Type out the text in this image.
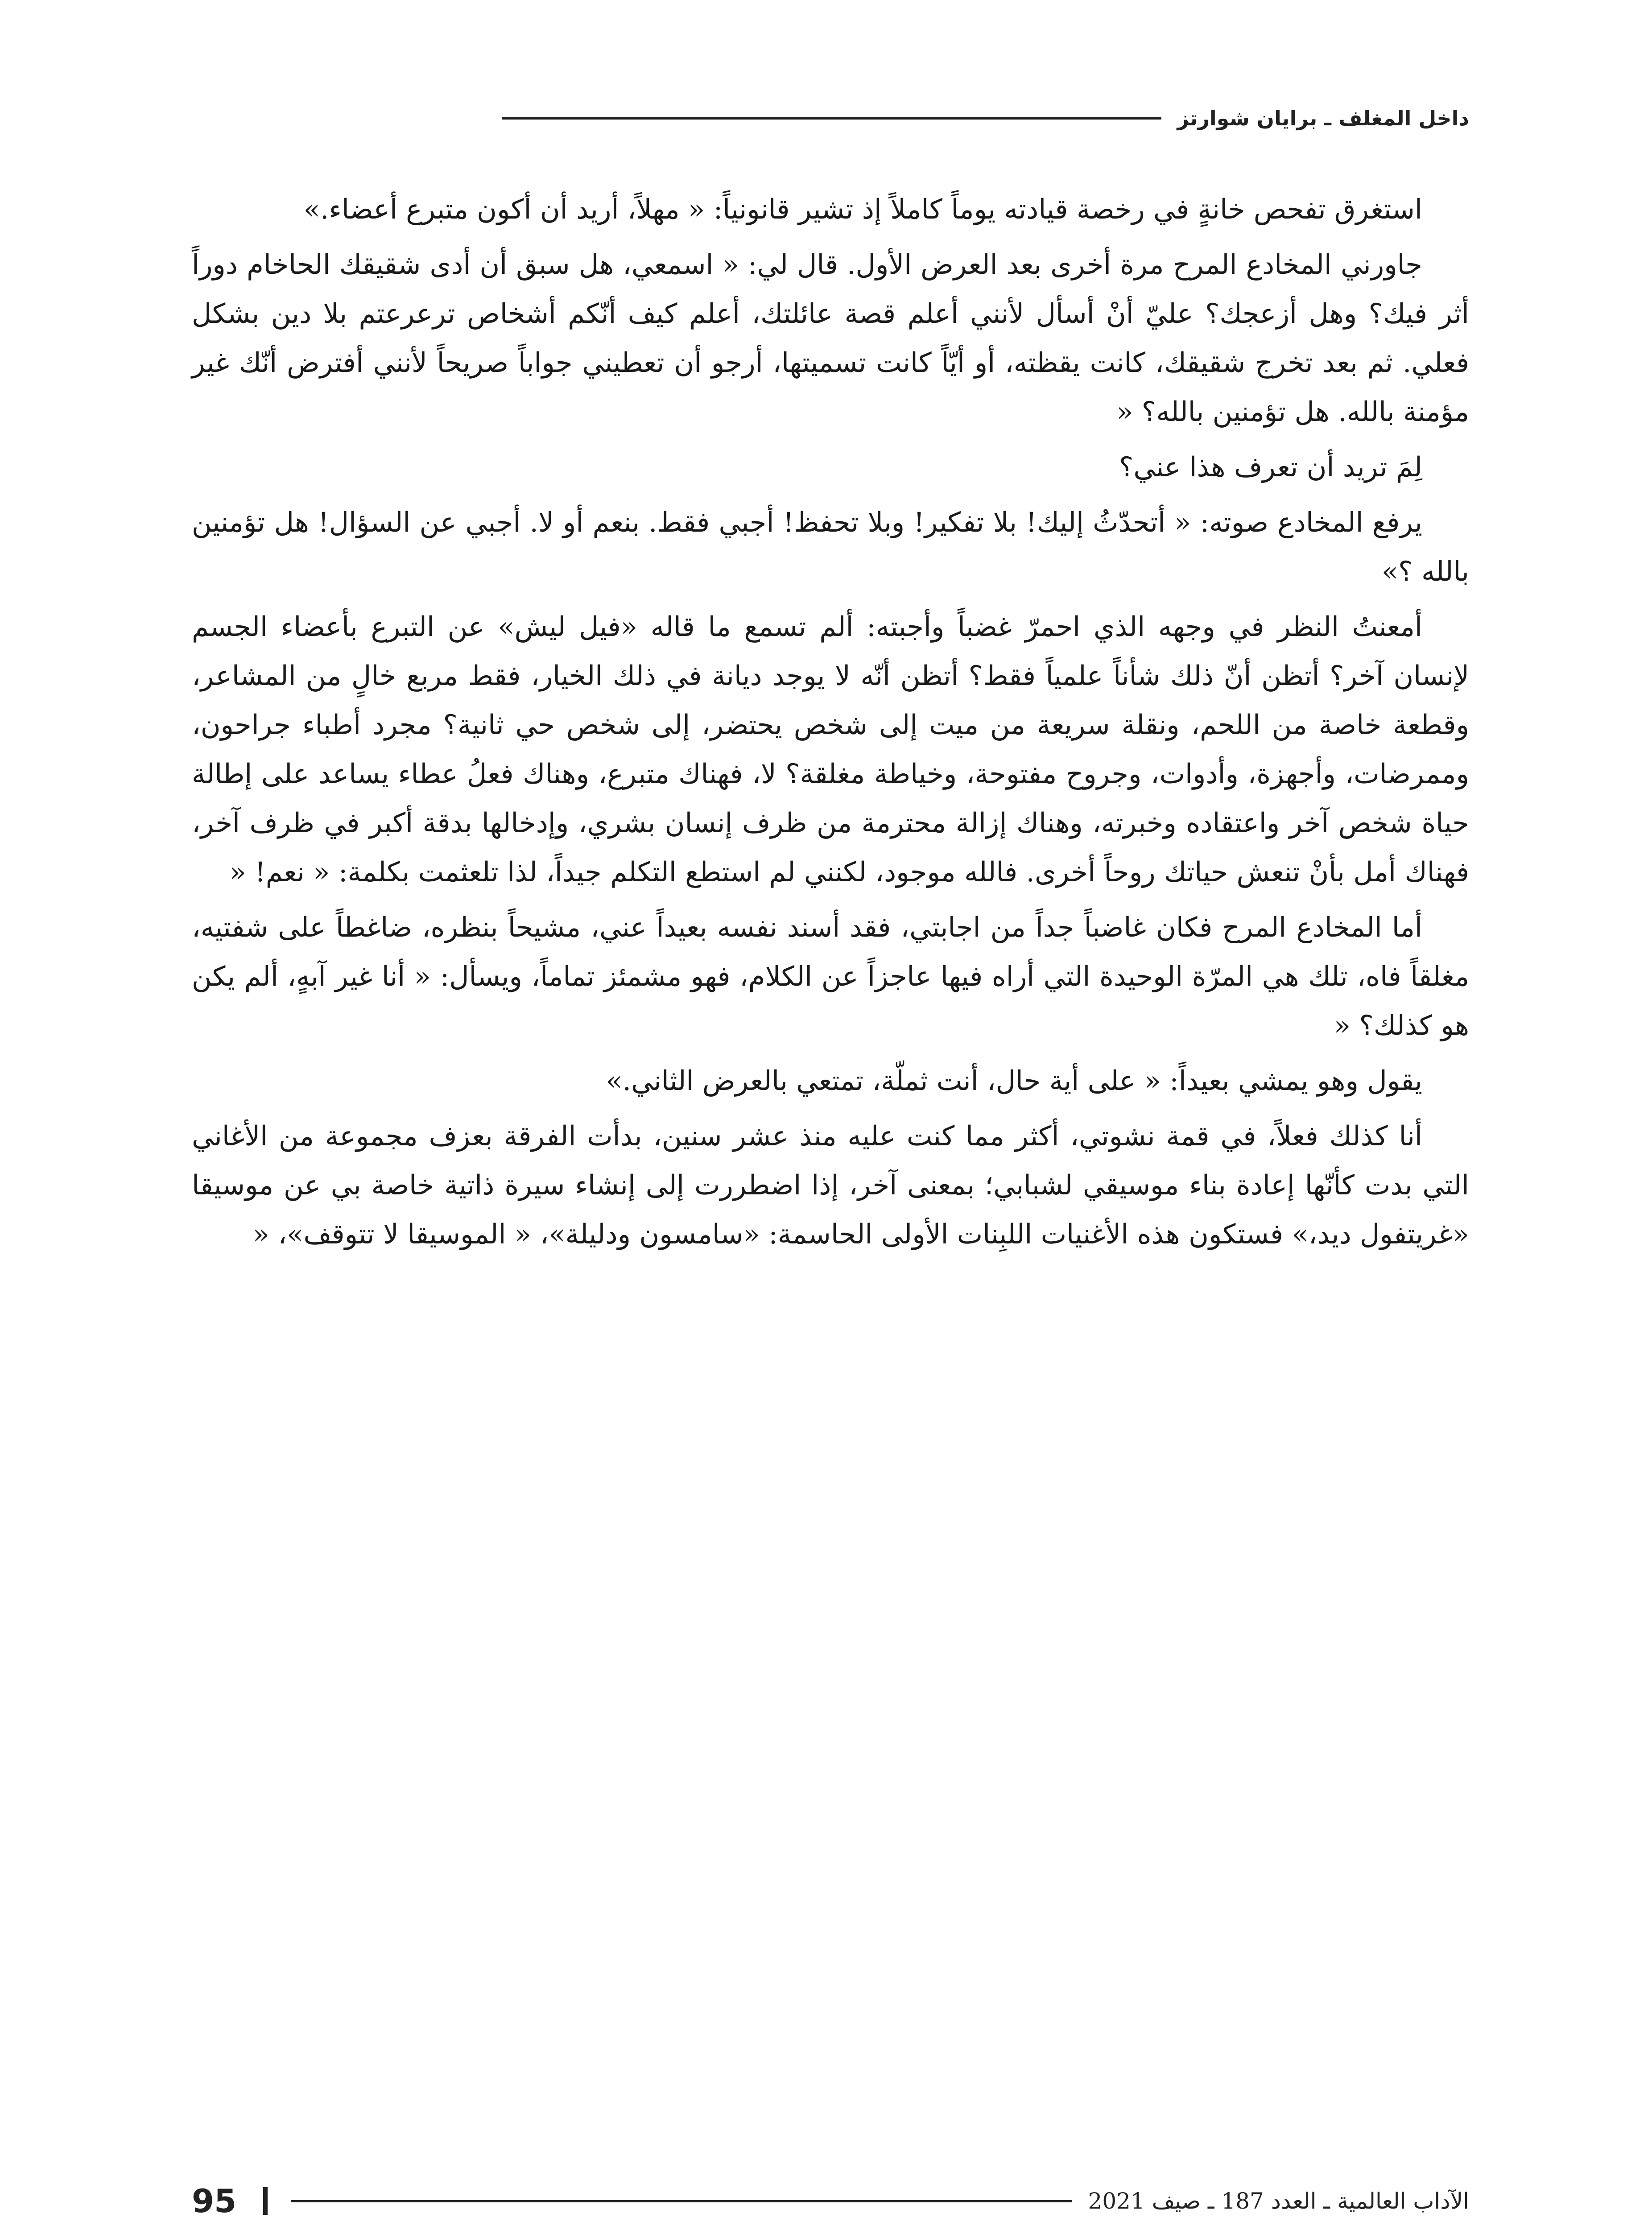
داخل المغلف ـ برايان شوارتز

استغرق تفحص خانةٍ في رخصة قيادته يوماً كاملاً إذ تشير قانونياً: « مهلاً، أريد أن أكون متبرع أعضاء.»

جاورني المخادع المرح مرة أخرى بعد العرض الأول. قال لي: « اسمعي، هل سبق أن أدى شقيقك الحاخام دوراً أثر فيك؟ وهل أزعجك؟ عليّ أنْ أسأل لأنني أعلم قصة عائلتك، أعلم كيف أنّكم أشخاص ترعرعتم بلا دين بشكل فعلي. ثم بعد تخرج شقيقك، كانت يقظته، أو أيّاً كانت تسميتها، أرجو أن تعطيني جواباً صريحاً لأنني أفترض أنّك غير مؤمنة بالله. هل تؤمنين بالله؟ «

لِمَ تريد أن تعرف هذا عني؟

يرفع المخادع صوته: « أتحدّثُ إليك! بلا تفكير! وبلا تحفظ! أجبي فقط. بنعم أو لا. أجبي عن السؤال! هل تؤمنين بالله ؟»

أمعنتُ النظر في وجهه الذي احمرّ غضباً وأجبته: ألم تسمع ما قاله «فيل ليش» عن التبرع بأعضاء الجسم لإنسان آخر؟ أتظن أنّ ذلك شأناً علمياً فقط؟ أتظن أنّه لا يوجد ديانة في ذلك الخيار، فقط مربع خالٍ من المشاعر، وقطعة خاصة من اللحم، ونقلة سريعة من ميت إلى شخص يحتضر، إلى شخص حي ثانية؟ مجرد أطباء جراحون، وممرضات، وأجهزة، وأدوات، وجروح مفتوحة، وخياطة مغلقة؟ لا، فهناك متبرع، وهناك فعلُ عطاء يساعد على إطالة حياة شخص آخر واعتقاده وخبرته، وهناك إزالة محترمة من ظرف إنسان بشري، وإدخالها بدقة أكبر في ظرف آخر، فهناك أمل بأنْ تنعش حياتك روحاً أخرى. فالله موجود، لكنني لم استطع التكلم جيداً، لذا تلعثمت بكلمة: « نعم! «

أما المخادع المرح فكان غاضباً جداً من اجابتي، فقد أسند نفسه بعيداً عني، مشيحاً بنظره، ضاغطاً على شفتيه، مغلقاً فاه، تلك هي المرّة الوحيدة التي أراه فيها عاجزاً عن الكلام، فهو مشمئز تماماً، ويسأل: « أنا غير آبهٍ، ألم يكن هو كذلك؟ «

يقول وهو يمشي بعيداً: « على أية حال، أنت ثملّة، تمتعي بالعرض الثاني.»

أنا كذلك فعلاً، في قمة نشوتي، أكثر مما كنت عليه منذ عشر سنين، بدأت الفرقة بعزف مجموعة من الأغاني التي بدت كأنّها إعادة بناء موسيقي لشبابي؛ بمعنى آخر، إذا اضطررت إلى إنشاء سيرة ذاتية خاصة بي عن موسيقا «غريتفول ديد،» فستكون هذه الأغنيات اللبِنات الأولى الحاسمة: «سامسون ودليلة»، « الموسيقا لا تتوقف»، «

الآداب العالمية ـ العدد 187 ـ صيف 2021
95
